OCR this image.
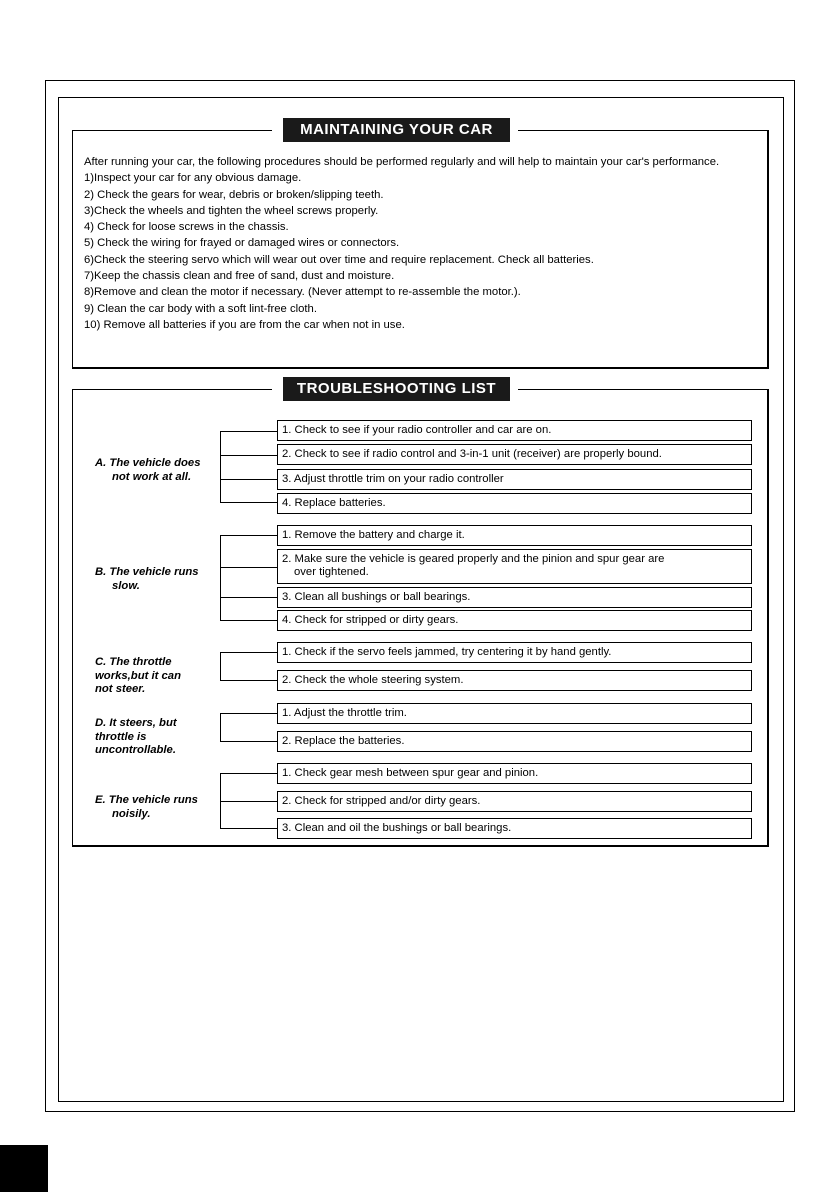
MAINTAINING YOUR CAR

After running your car, the following procedures should be performed regularly and will help to maintain your car's performance.

1)Inspect your car for any obvious damage.

2) Check the gears for wear, debris or broken/slipping teeth.

3)Check the wheels and tighten the wheel screws properly.

4) Check for loose screws in the chassis.

5) Check the wiring for frayed or damaged wires or connectors.

6)Check the steering servo which will wear out over time and require replacement. Check all batteries.

7)Keep the chassis clean and free of sand, dust and moisture.

8)Remove and clean the motor if necessary. (Never attempt to re-assemble the motor.).

9) Clean the car body with a soft lint-free cloth.

10) Remove all batteries if you are from the car when not in use.

TROUBLESHOOTING LIST
A. The vehicle does
not work at all.
1. Check to see if your radio controller and car are on.
2. Check to see if radio control and 3-in-1 unit (receiver) are properly bound.
3. Adjust throttle trim on your radio controller
4. Replace batteries.
B. The vehicle runs
slow.
1. Remove the battery and charge it.
2. Make sure the vehicle is geared properly and the pinion and spur gear are
over tightened.
3. Clean all bushings or ball bearings.
4. Check for stripped or dirty gears.
C. The throttle
works,but it can
not steer.
1. Check if the servo feels jammed, try centering it by hand gently.
2. Check the whole steering system.
D. It steers, but
throttle is
uncontrollable.
1. Adjust the throttle trim.
2. Replace the batteries.
E. The vehicle runs
noisily.
1. Check gear mesh between spur gear and pinion.
2. Check for stripped and/or dirty gears.
3. Clean and oil the bushings or ball bearings.
